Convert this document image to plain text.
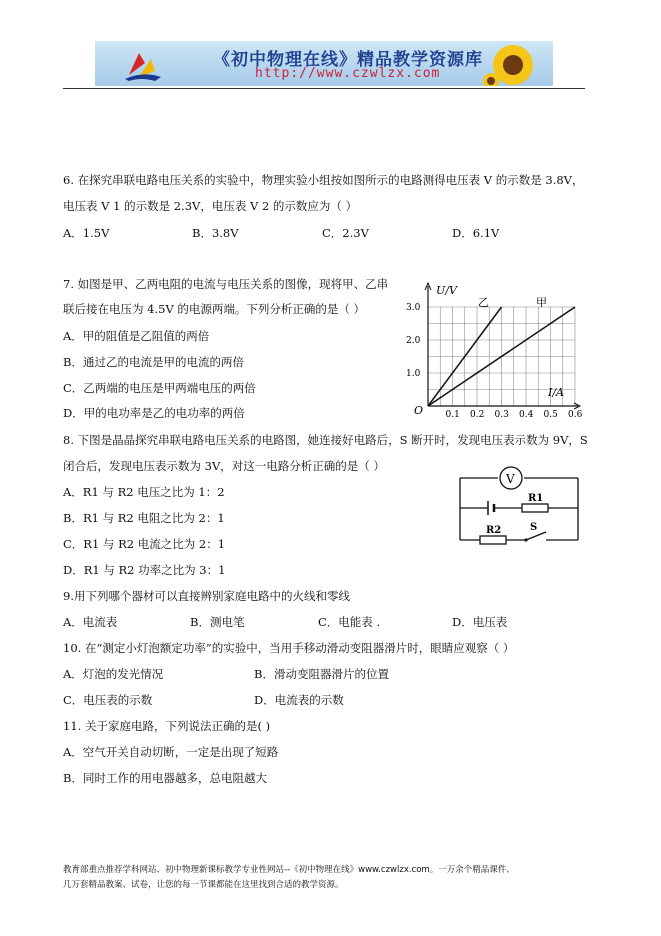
《初中物理在线》精品教学资源库
http://www.czwlzx.com
6. 在探究串联电路电压关系的实验中，物理实验小组按如图所示的电路测得电压表 V 的示数是 3.8V，
电压表 V 1 的示数是 2.3V，电压表 V 2 的示数应为（ ）
A．1.5V	B．3.8V	C．2.3V	D．6.1V
7. 如图是甲、乙两电阻的电流与电压关系的图像，现将甲、乙串
联后接在电压为 4.5V 的电源两端。下列分析正确的是（ ）
A．甲的阻值是乙阻值的两倍
B．通过乙的电流是甲的电流的两倍
C．乙两端的电压是甲两端电压的两倍
D．甲的电功率是乙的电功率的两倍	0.1 0.2 0.3 0.4 0.5 0.6
1.0
2.0
3.0
U/V
I/A
O
乙	甲
8. 下图是晶晶探究串联电路电压关系的电路图，她连接好电路后，S 断开时，发现电压表示数为 9V，S
闭合后，发现电压表示数为 3V，对这一电路分析正确的是（ ）
A．R1 与 R2 电压之比为 1：2
B．R1 与 R2 电阻之比为 2：1
C．R1 与 R2 电流之比为 2：1
D．R1 与 R2 功率之比为 3：1
V
R1
R2	S
9.用下列哪个器材可以直接辨别家庭电路中的火线和零线
A．电流表	B．测电笔	C．电能表 .	D．电压表
10. 在“测定小灯泡额定功率”的实验中，当用手移动滑动变阻器滑片时，眼睛应观察（ ）
A．灯泡的发光情况	B．滑动变阻器滑片的位置
C．电压表的示数	D．电流表的示数
11. 关于家庭电路，下列说法正确的是( )
A．空气开关自动切断，一定是出现了短路
B．同时工作的用电器越多，总电阻越大
教育部重点推荐学科网站、初中物理新课标教学专业性网站--《初中物理在线》www.czwlzx.com。一万余个精品课件、
几万套精品教案、试卷，让您的每一节课都能在这里找到合适的教学资源。
